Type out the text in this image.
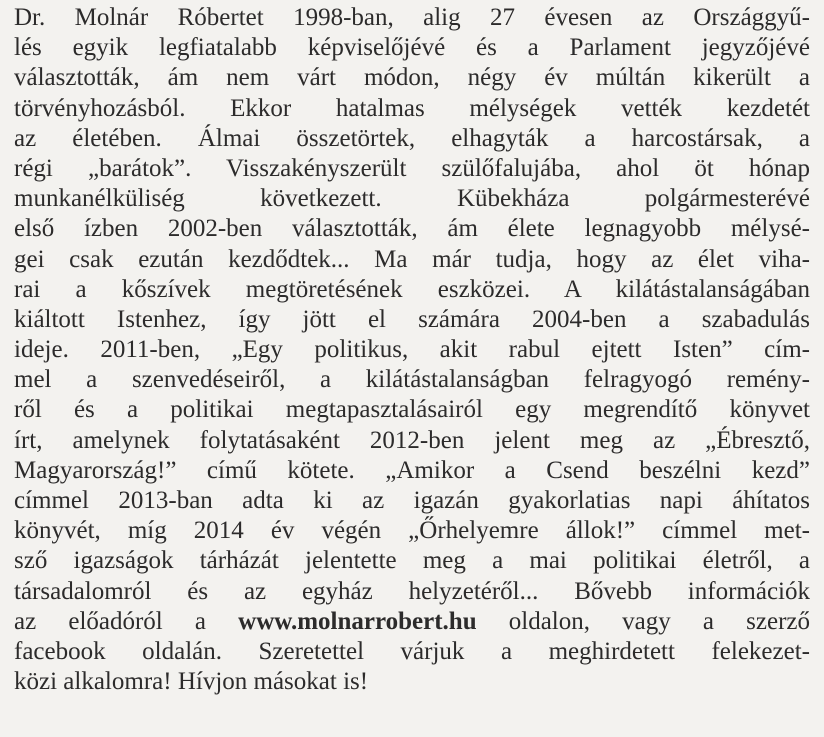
Dr. Molnár Róbertet 1998-ban, alig 27 évesen az Országgyű-
lés egyik legfiatalabb képviselőjévé és a Parlament jegyzőjévé
választották, ám nem várt módon, négy év múltán kikerült a
törvényhozásból. Ekkor hatalmas mélységek vették kezdetét
az életében. Álmai összetörtek, elhagyták a harcostársak, a
régi „barátok”. Visszakényszerült szülőfalujába, ahol öt hónap
munkanélküliség következett. Kübekháza polgármesterévé
első ízben 2002-ben választották, ám élete legnagyobb mélysé-
gei csak ezután kezdődtek... Ma már tudja, hogy az élet viha-
rai a kőszívek megtöretésének eszközei. A kilátástalanságában
kiáltott Istenhez, így jött el számára 2004-ben a szabadulás
ideje. 2011-ben, „Egy politikus, akit rabul ejtett Isten” cím-
mel a szenvedéseiről, a kilátástalanságban felragyogó remény-
ről és a politikai megtapasztalásairól egy megrendítő könyvet
írt, amelynek folytatásaként 2012-ben jelent meg az „Ébresztő,
Magyarország!” című kötete. „Amikor a Csend beszélni kezd”
címmel 2013-ban adta ki az igazán gyakorlatias napi áhítatos
könyvét, míg 2014 év végén „Őrhelyemre állok!” címmel met-
sző igazságok tárházát jelentette meg a mai politikai életről, a
társadalomról és az egyház helyzetéről... Bővebb információk
az előadóról a www.molnarrobert.hu oldalon, vagy a szerző
facebook oldalán. Szeretettel várjuk a meghirdetett felekezet-
közi alkalomra! Hívjon másokat is!
